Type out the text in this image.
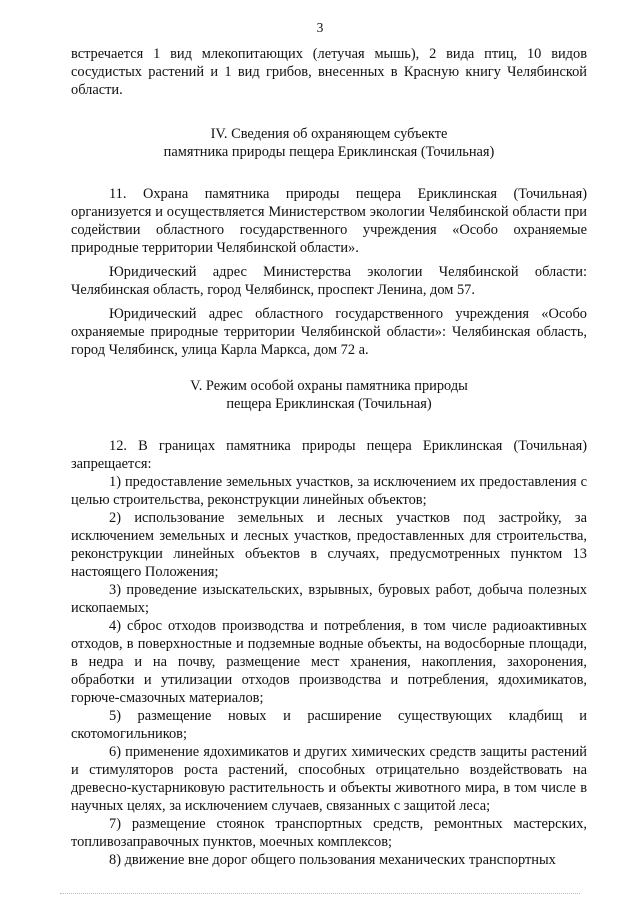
3

встречается 1 вид млекопитающих (летучая мышь), 2 вида птиц, 10 видов сосудистых растений и 1 вид грибов, внесенных в Красную книгу Челябинской области.

IV. Сведения об охраняющем субъекте
памятника природы пещера Ериклинская (Точильная)

11. Охрана памятника природы пещера Ериклинская (Точильная) организуется и осуществляется Министерством экологии Челябинской области при содействии областного государственного учреждения «Особо охраняемые природные территории Челябинской области».

Юридический адрес Министерства экологии Челябинской области: Челябинская область, город Челябинск, проспект Ленина, дом 57.

Юридический адрес областного государственного учреждения «Особо охраняемые природные территории Челябинской области»: Челябинская область, город Челябинск, улица Карла Маркса, дом 72 а.

V. Режим особой охраны памятника природы
пещера Ериклинская (Точильная)

12. В границах памятника природы пещера Ериклинская (Точильная) запрещается:

1) предоставление земельных участков, за исключением их предоставления с целью строительства, реконструкции линейных объектов;

2) использование земельных и лесных участков под застройку, за исключением земельных и лесных участков, предоставленных для строительства, реконструкции линейных объектов в случаях, предусмотренных пунктом 13 настоящего Положения;

3) проведение изыскательских, взрывных, буровых работ, добыча полезных ископаемых;

4) сброс отходов производства и потребления, в том числе радиоактивных отходов, в поверхностные и подземные водные объекты, на водосборные площади, в недра и на почву, размещение мест хранения, накопления, захоронения, обработки и утилизации отходов производства и потребления, ядохимикатов, горюче-смазочных материалов;

5) размещение новых и расширение существующих кладбищ и скотомогильников;

6) применение ядохимикатов и других химических средств защиты растений и стимуляторов роста растений, способных отрицательно воздействовать на древесно-кустарниковую растительность и объекты животного мира, в том числе в научных целях, за исключением случаев, связанных с защитой леса;

7) размещение стоянок транспортных средств, ремонтных мастерских, топливозаправочных пунктов, моечных комплексов;

8) движение вне дорог общего пользования механических транспортных
